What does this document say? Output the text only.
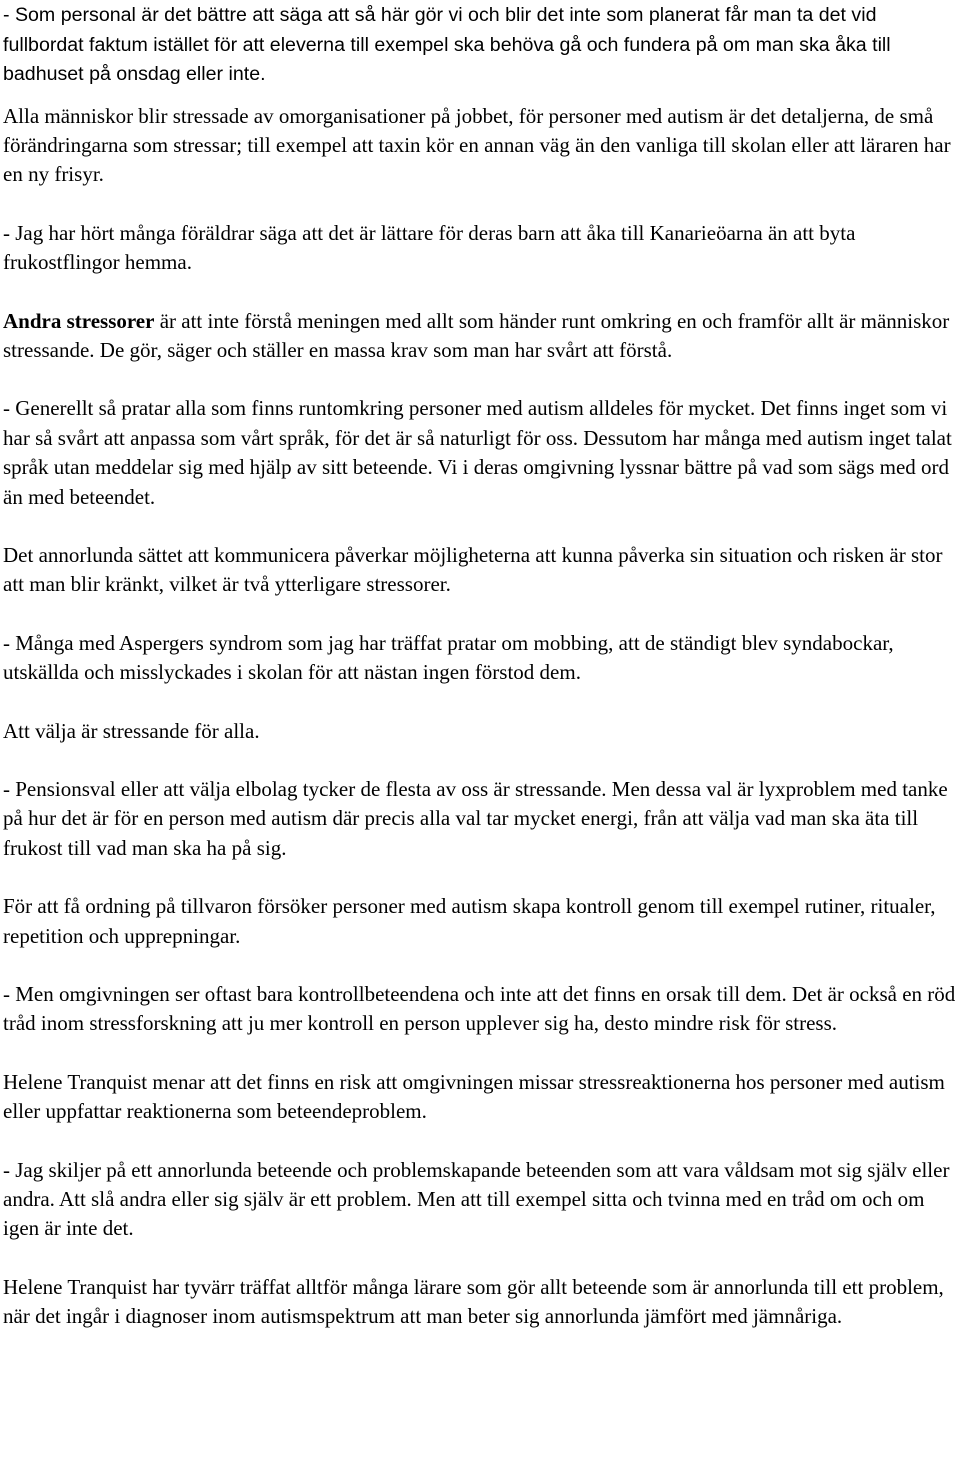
- Som personal är det bättre att säga att så här gör vi och blir det inte som planerat får man ta det vid fullbordat faktum istället för att eleverna till exempel ska behöva gå och fundera på om man ska åka till badhuset på onsdag eller inte.

Alla människor blir stressade av omorganisationer på jobbet, för personer med autism är det detaljerna, de små förändringarna som stressar; till exempel att taxin kör en annan väg än den vanliga till skolan eller att läraren har en ny frisyr.

- Jag har hört många föräldrar säga att det är lättare för deras barn att åka till Kanarieöarna än att byta frukostflingor hemma.

Andra stressorer är att inte förstå meningen med allt som händer runt omkring en och framför allt är människor stressande. De gör, säger och ställer en massa krav som man har svårt att förstå.

- Generellt så pratar alla som finns runtomkring personer med autism alldeles för mycket. Det finns inget som vi har så svårt att anpassa som vårt språk, för det är så naturligt för oss. Dessutom har många med autism inget talat språk utan meddelar sig med hjälp av sitt beteende. Vi i deras omgivning lyssnar bättre på vad som sägs med ord än med beteendet.

Det annorlunda sättet att kommunicera påverkar möjligheterna att kunna påverka sin situation och risken är stor att man blir kränkt, vilket är två ytterligare stressorer.

- Många med Aspergers syndrom som jag har träffat pratar om mobbing, att de ständigt blev syndabockar, utskällda och misslyckades i skolan för att nästan ingen förstod dem.

Att välja är stressande för alla.

- Pensionsval eller att välja elbolag tycker de flesta av oss är stressande. Men dessa val är lyxproblem med tanke på hur det är för en person med autism där precis alla val tar mycket energi, från att välja vad man ska äta till frukost till vad man ska ha på sig.

För att få ordning på tillvaron försöker personer med autism skapa kontroll genom till exempel rutiner, ritualer, repetition och upprepningar.

- Men omgivningen ser oftast bara kontrollbeteendena och inte att det finns en orsak till dem. Det är också en röd tråd inom stressforskning att ju mer kontroll en person upplever sig ha, desto mindre risk för stress.

Helene Tranquist menar att det finns en risk att omgivningen missar stressreaktionerna hos personer med autism eller uppfattar reaktionerna som beteendeproblem.

- Jag skiljer på ett annorlunda beteende och problemskapande beteenden som att vara våldsam mot sig själv eller andra. Att slå andra eller sig själv är ett problem. Men att till exempel sitta och tvinna med en tråd om och om igen är inte det.

Helene Tranquist har tyvärr träffat alltför många lärare som gör allt beteende som är annorlunda till ett problem, när det ingår i diagnoser inom autismspektrum att man beter sig annorlunda jämfört med jämnåriga.
